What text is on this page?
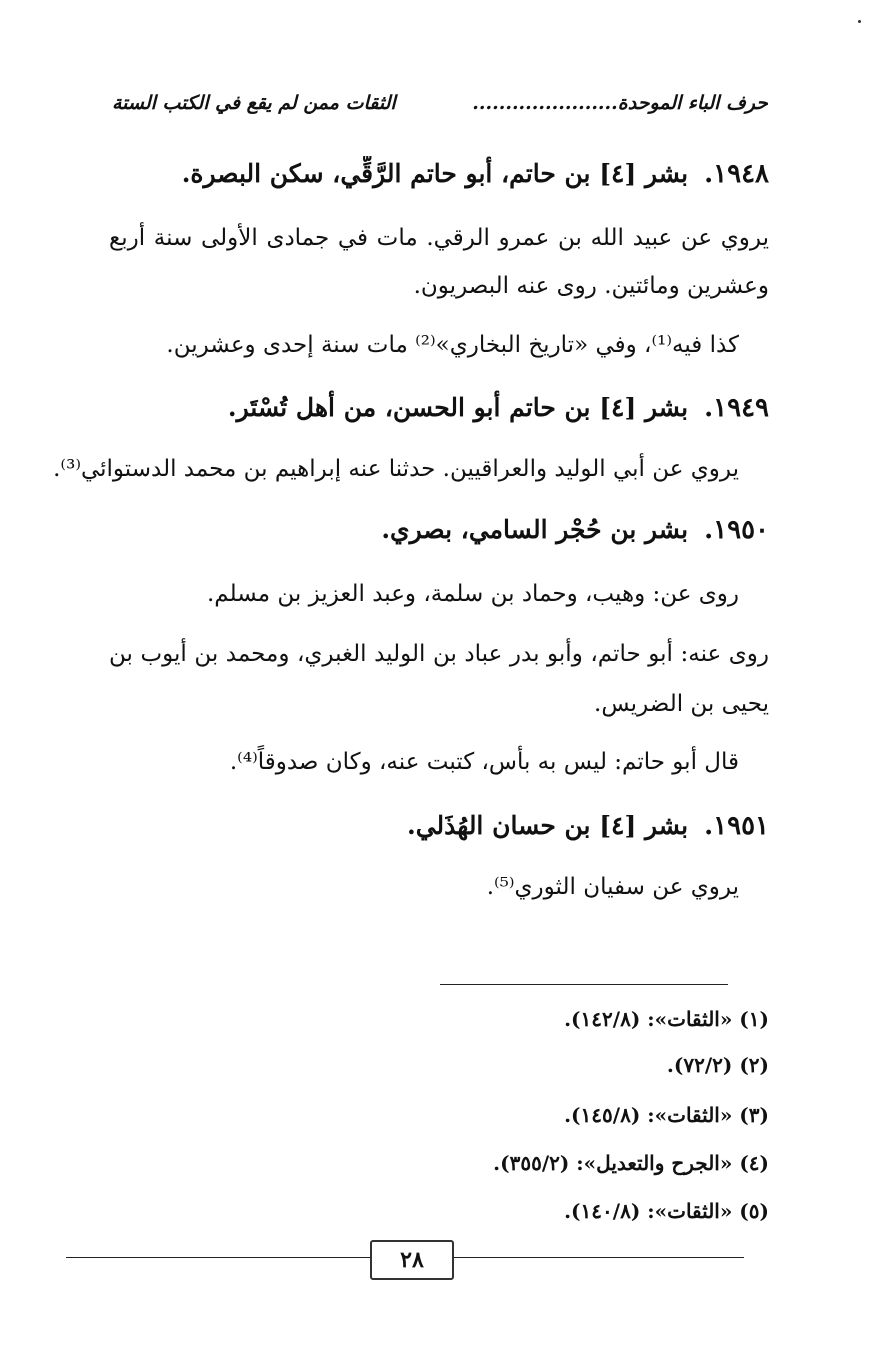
حرف الباء الموحدة......................
الثقات ممن لم يقع في الكتب الستة
١٩٤٨.بشر [٤] بن حاتم، أبو حاتم الرَّقِّي، سكن البصرة.
يروي عن عبيد الله بن عمرو الرقي. مات في جمادى الأولى سنة أربع
وعشرين ومائتين. روى عنه البصريون.
كذا فيه⁽¹⁾، وفي «تاريخ البخاري»⁽²⁾ مات سنة إحدى وعشرين.
١٩٤٩.بشر [٤] بن حاتم أبو الحسن، من أهل تُسْتَر.
يروي عن أبي الوليد والعراقيين. حدثنا عنه إبراهيم بن محمد الدستوائي⁽³⁾.
١٩٥٠.بشر بن حُجْر السامي، بصري.
روى عن: وهيب، وحماد بن سلمة، وعبد العزيز بن مسلم.
روى عنه: أبو حاتم، وأبو بدر عباد بن الوليد الغبري، ومحمد بن أيوب بن
يحيى بن الضريس.
قال أبو حاتم: ليس به بأس، كتبت عنه، وكان صدوقاً⁽⁴⁾.
١٩٥١.بشر [٤] بن حسان الهُذَلي.
يروي عن سفيان الثوري⁽⁵⁾.
(١) «الثقات»: (١٤٢/٨).
(٢) (٧٢/٢).
(٣) «الثقات»: (١٤٥/٨).
(٤) «الجرح والتعديل»: (٣٥٥/٢).
(٥) «الثقات»: (١٤٠/٨).
٢٨
